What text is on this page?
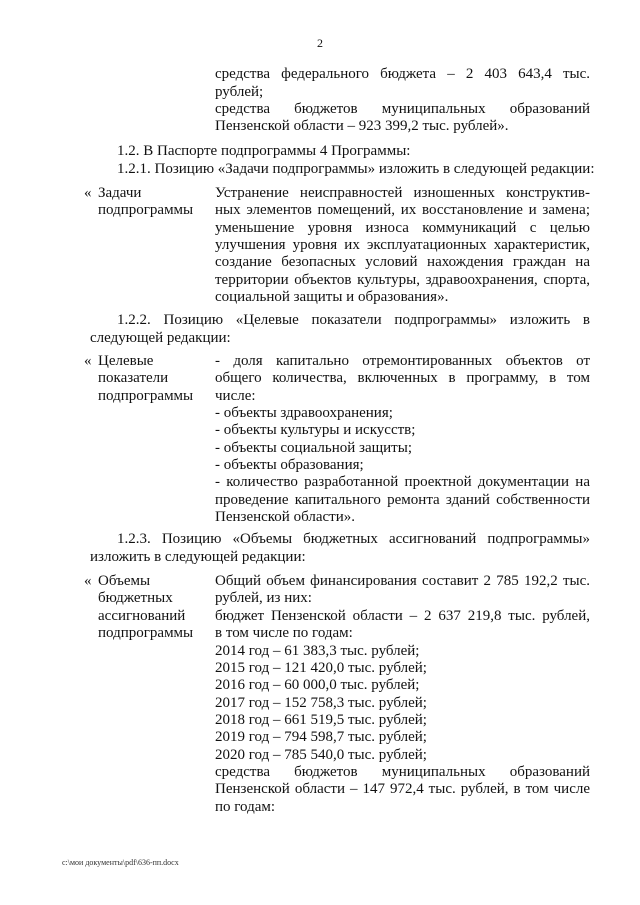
2
средства федерального бюджета – 2 403 643,4 тыс.
рублей;
средства бюджетов муниципальных образований
Пензенской области – 923 399,2 тыс. рублей».
1.2. В Паспорте подпрограммы 4 Программы:
1.2.1. Позицию «Задачи подпрограммы» изложить в следующей редакции:
« Задачи
подпрограммы
Устранение неисправностей изношенных конструктив-
ных элементов помещений, их восстановление и замена;
уменьшение уровня износа коммуникаций с целью
улучшения уровня их эксплуатационных характеристик,
создание безопасных условий нахождения граждан на
территории объектов культуры, здравоохранения, спорта,
социальной защиты и образования».
1.2.2. Позицию «Целевые показатели подпрограммы» изложить в
следующей редакции:
« Целевые
показатели
подпрограммы
- доля капитально отремонтированных объектов от
общего количества, включенных в программу, в том
числе:
- объекты здравоохранения;
- объекты культуры и искусств;
- объекты социальной защиты;
- объекты образования;
- количество разработанной проектной документации на
проведение капитального ремонта зданий собственности
Пензенской области».
1.2.3. Позицию «Объемы бюджетных ассигнований подпрограммы»
изложить в следующей редакции:
« Объемы
бюджетных
ассигнований
подпрограммы
Общий объем финансирования составит 2 785 192,2 тыс.
рублей, из них:
бюджет Пензенской области – 2 637 219,8 тыс. рублей,
в том числе по годам:
2014 год – 61 383,3 тыс. рублей;
2015 год – 121 420,0 тыс. рублей;
2016 год – 60 000,0 тыс. рублей;
2017 год – 152 758,3 тыс. рублей;
2018 год – 661 519,5 тыс. рублей;
2019 год – 794 598,7 тыс. рублей;
2020 год – 785 540,0 тыс. рублей;
средства бюджетов муниципальных образований
Пензенской области – 147 972,4 тыс. рублей, в том числе
по годам:
c:\мои документы\pdf\636-пп.docx
